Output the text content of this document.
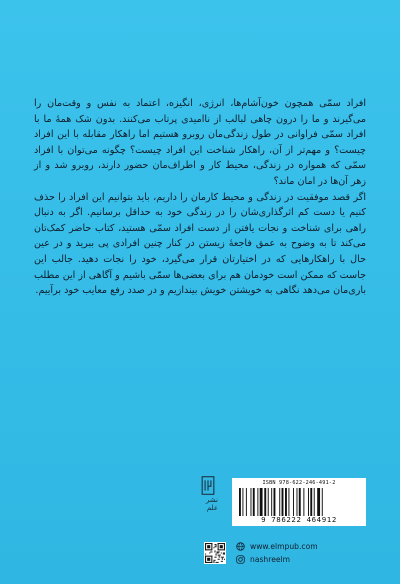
افراد سمّی همچون خون‌آشام‌ها، انرژی، انگیزه، اعتماد به نفس و وقت‌مان را می‌گیرند و ما را درون چاهی لبالب از ناامیدی پرتاب می‌کنند. بدون شک همهٔ ما با افراد سمّی فراوانی در طول زندگی‌مان روبرو هستیم اما راهکار مقابله با این افراد چیست؟ و مهم‌تر از آن، راهکار شناخت این افراد چیست؟ چگونه می‌توان با افراد سمّی که همواره در زندگی، محیط کار و اطراف‌مان حضور دارند، روبرو شد و از زهر آن‌ها در امان ماند؟

اگر قصد موفقیت در زندگی و محیط کارمان را داریم، باید بتوانیم این افراد را حذف کنیم یا دست کم اثرگذاری‌شان را در زندگی خود به حداقل برسانیم. اگر به دنبال راهی برای شناخت و نجات یافتن از دست افراد سمّی هستید، کتاب حاضر کمک‌تان می‌کند تا به وضوح به عمق فاجعهٔ زیستن در کنار چنین افرادی پی ببرید و در عین حال با راهکارهایی که در اختیارتان قرار می‌گیرد، خود را نجات دهید. جالب این جاست که ممکن است خودمان هم برای بعضی‌ها سمّی باشیم و آگاهی از این مطلب باری‌مان می‌دهد نگاهی به خویشتن خویش بیندازیم و در صدد رفع معایب خود برآییم.

نشر علم
ISBN 978-622-246-491-2
9 786222 464912
www.elmpub.com
nashreelm
